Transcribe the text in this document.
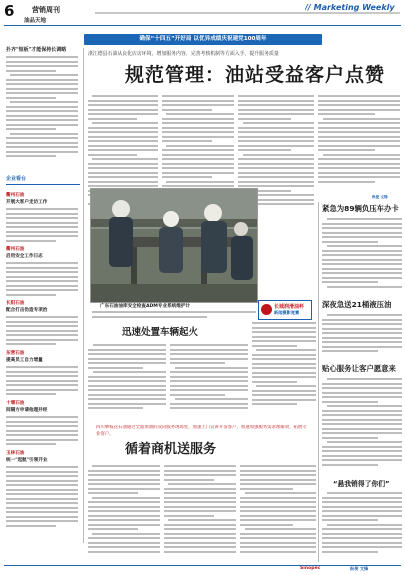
6	营销周刊
油品天地
// Marketing Weekly
确保“十四五”开好局 以优异成绩庆祝建党100周年
扑齐"短板"才能保持长调略
企业看台
衢州石油
开展大客户走访工作
衢州石油
启用安全工作日志
长阳石油
配合打击伪造专项治
东营石油
提高员工自力增量
十堰石油
间隔方申请他理并经
玉林石油
统一"起航"引领开业
浙江德县石油从良化店访环境，增加服务内容，完善考核机制等方面入手，提升服务质量
规范管理：油站受益客户点赞
纵使 文锋
广东石油油库安全检查ADM专业系统维护计	长城润滑油杯
新闻摄影竞赛
迅速处置车辆起火
四川攀枝花石油通过全面加油的双向服务现场处，加速上门宣讲开发客户，加速加强服务需求理解效，拓展专业客户。
循着商机送服务
紧急为89辆负压车办卡
深夜急送21桶液压油
贴心服务让客户愿意来
“悬我销得了你们”
Sinopec	纵使 文锋
